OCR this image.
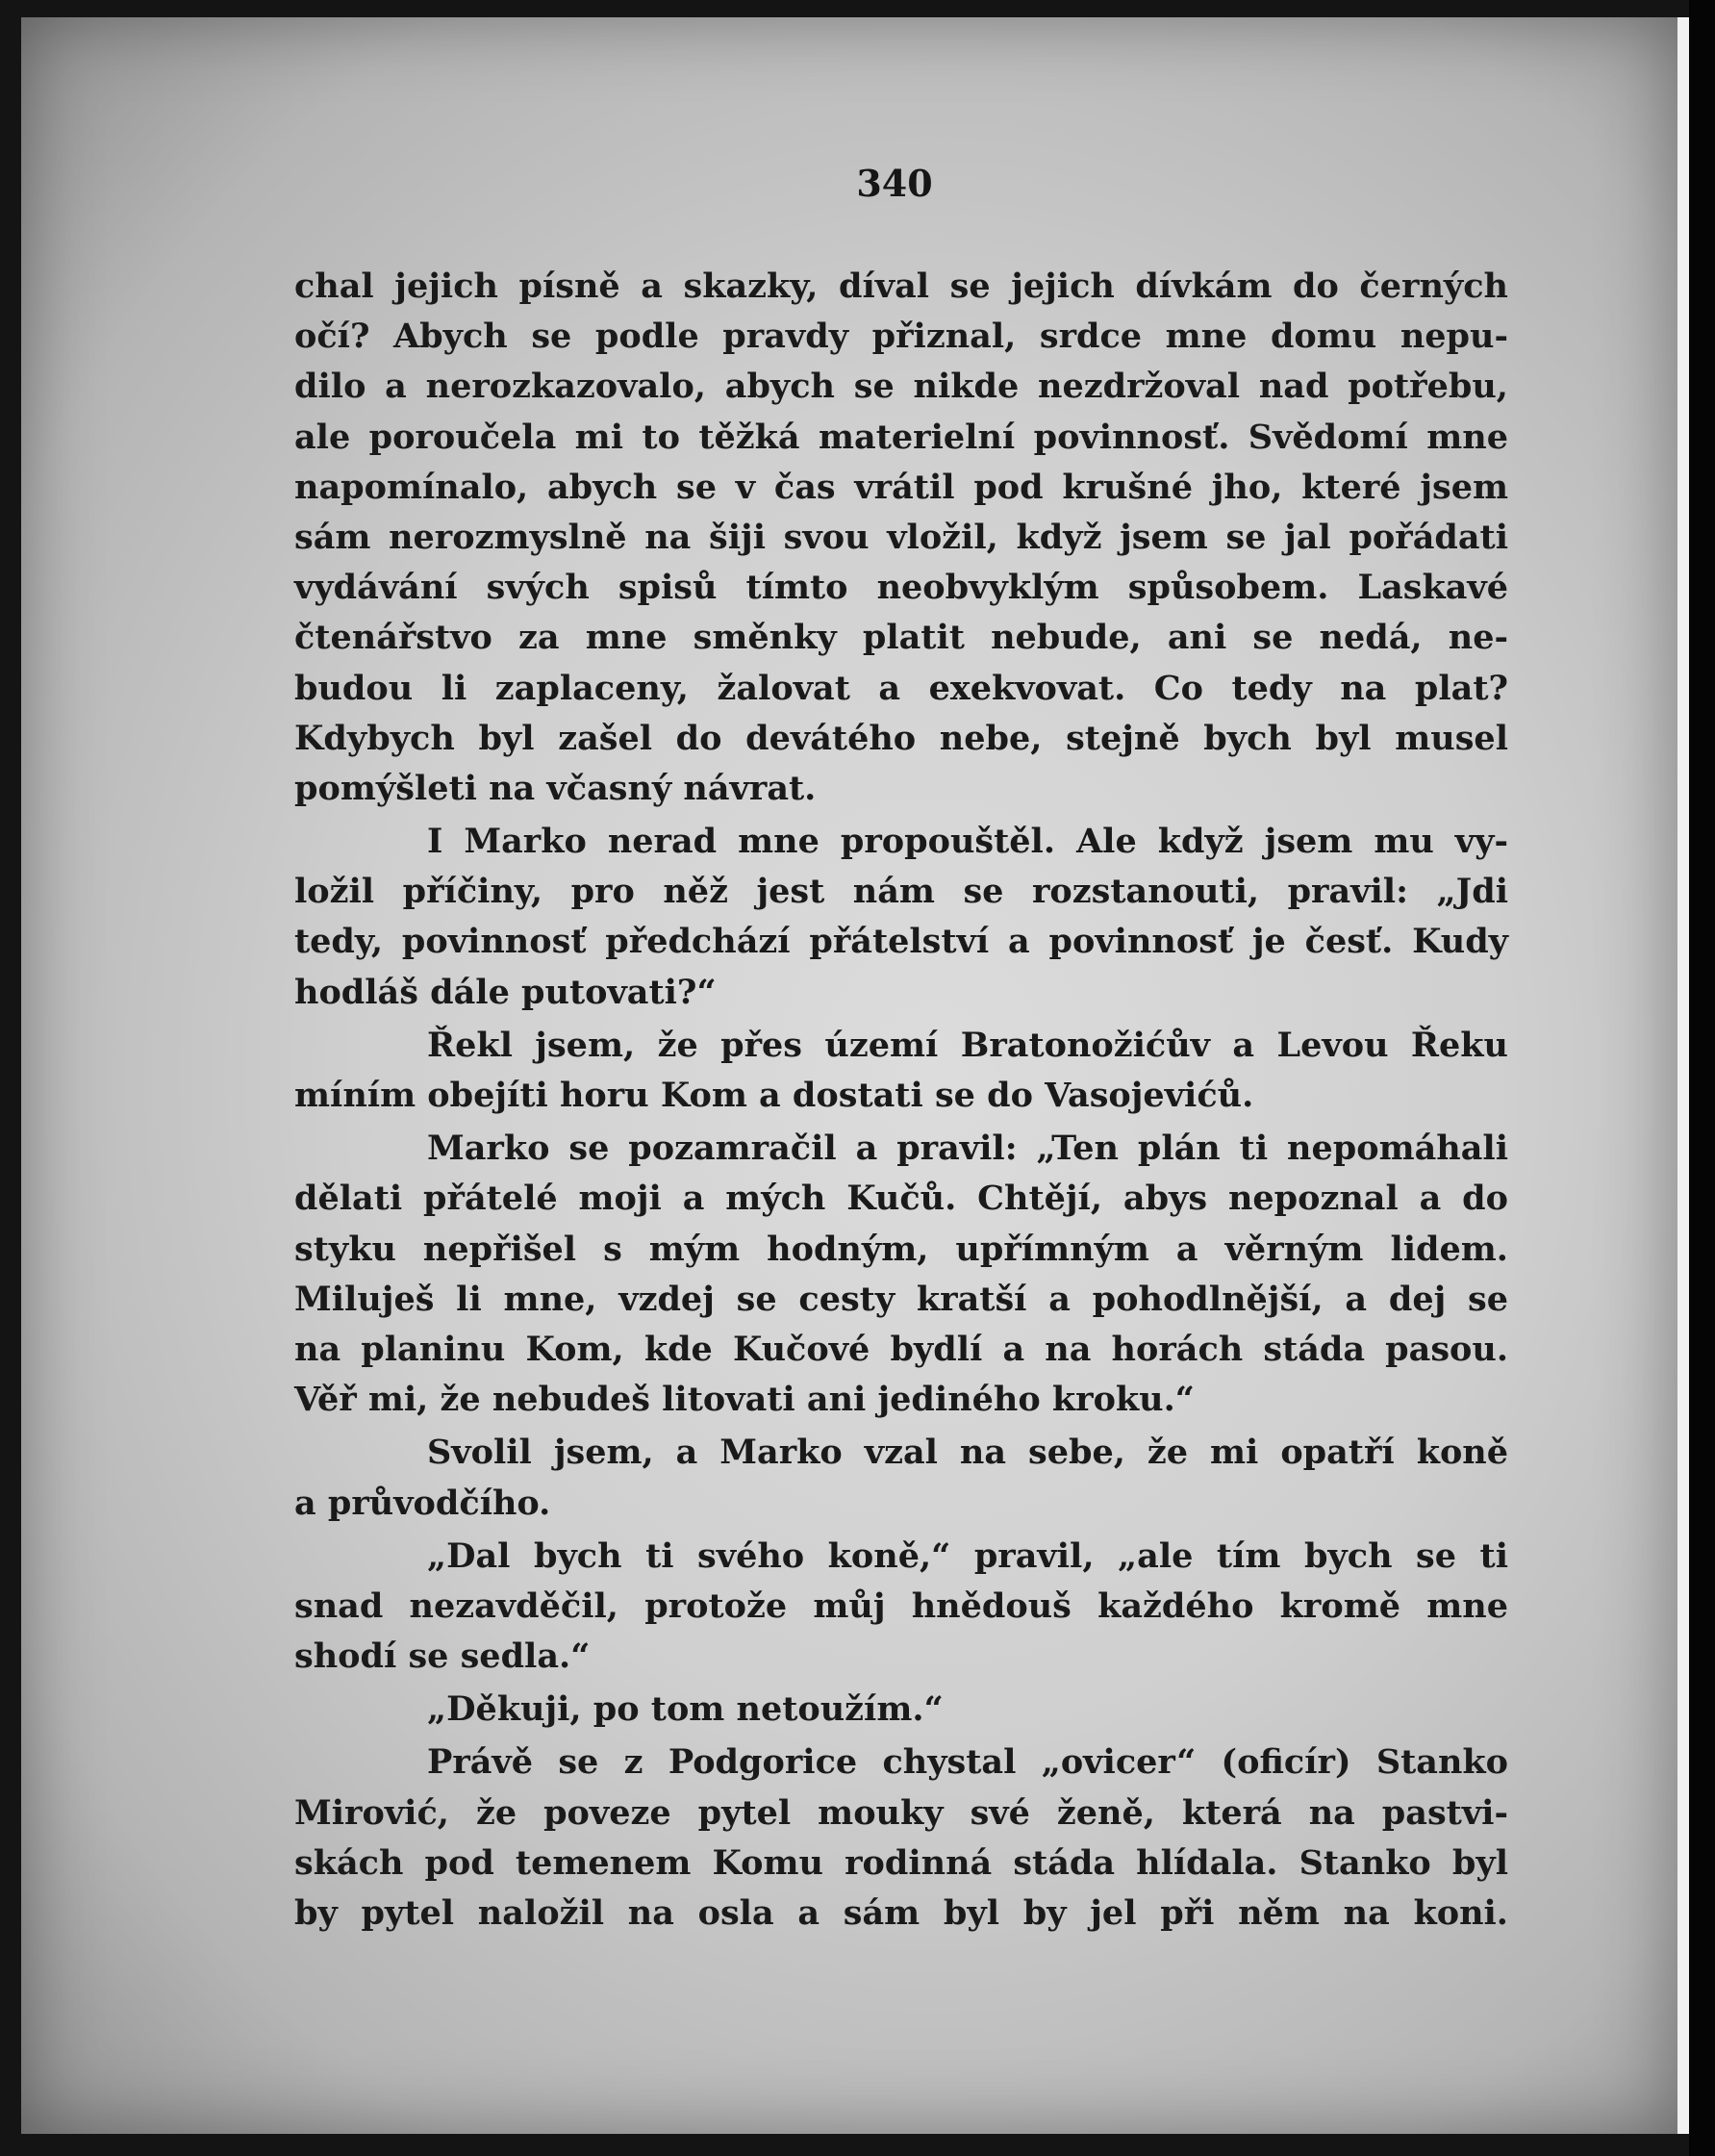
340
chal jejich písně a skazky, díval se jejich dívkám do černých
očí? Abych se podle pravdy přiznal, srdce mne domu nepu-
dilo a nerozkazovalo, abych se nikde nezdržoval nad potřebu,
ale poroučela mi to těžká materielní povinnosť. Svědomí mne
napomínalo, abych se v čas vrátil pod krušné jho, které jsem
sám nerozmyslně na šiji svou vložil, když jsem se jal pořádati
vydávání svých spisů tímto neobvyklým spůsobem. Laskavé
čtenářstvo za mne směnky platit nebude, ani se nedá, ne-
budou li zaplaceny, žalovat a exekvovat. Co tedy na plat?
Kdybych byl zašel do devátého nebe, stejně bych byl musel
pomýšleti na včasný návrat.
I Marko nerad mne propouštěl. Ale když jsem mu vy-
ložil příčiny, pro něž jest nám se rozstanouti, pravil: „Jdi
tedy, povinnosť předchází přátelství a povinnosť je česť. Kudy
hodláš dále putovati?“
Řekl jsem, že přes území Bratonožićův a Levou Řeku
míním obejíti horu Kom a dostati se do Vasojevićů.
Marko se pozamračil a pravil: „Ten plán ti nepomáhali
dělati přátelé moji a mých Kučů. Chtějí, abys nepoznal a do
styku nepřišel s mým hodným, upřímným a věrným lidem.
Miluješ li mne, vzdej se cesty kratší a pohodlnější, a dej se
na planinu Kom, kde Kučové bydlí a na horách stáda pasou.
Věř mi, že nebudeš litovati ani jediného kroku.“
Svolil jsem, a Marko vzal na sebe, že mi opatří koně
a průvodčího.
„Dal bych ti svého koně,“ pravil, „ale tím bych se ti
snad nezavděčil, protože můj hnědouš každého kromě mne
shodí se sedla.“
„Děkuji, po tom netoužím.“
Právě se z Podgorice chystal „ovicer“ (oficír) Stanko
Mirović, že poveze pytel mouky své ženě, která na pastvi-
skách pod temenem Komu rodinná stáda hlídala. Stanko byl
by pytel naložil na osla a sám byl by jel při něm na koni.
